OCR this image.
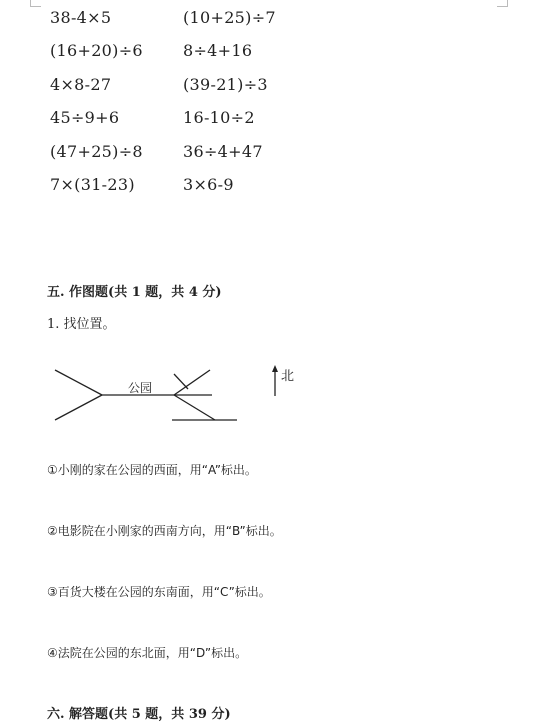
38-4×5	(10+25)÷7
(16+20)÷6	8÷4+16
4×8-27	(39-21)÷3
45÷9+6	16-10÷2
(47+25)÷8	36÷4+47
7×(31-23)	3×6-9
五. 作图题(共 1 题，共 4 分)
1. 找位置。
公园
北
①小刚的家在公园的西面，用“A”标出。
②电影院在小刚家的西南方向，用“B”标出。
③百货大楼在公园的东南面，用“C”标出。
④法院在公园的东北面，用“D”标出。
六. 解答题(共 5 题，共 39 分)
